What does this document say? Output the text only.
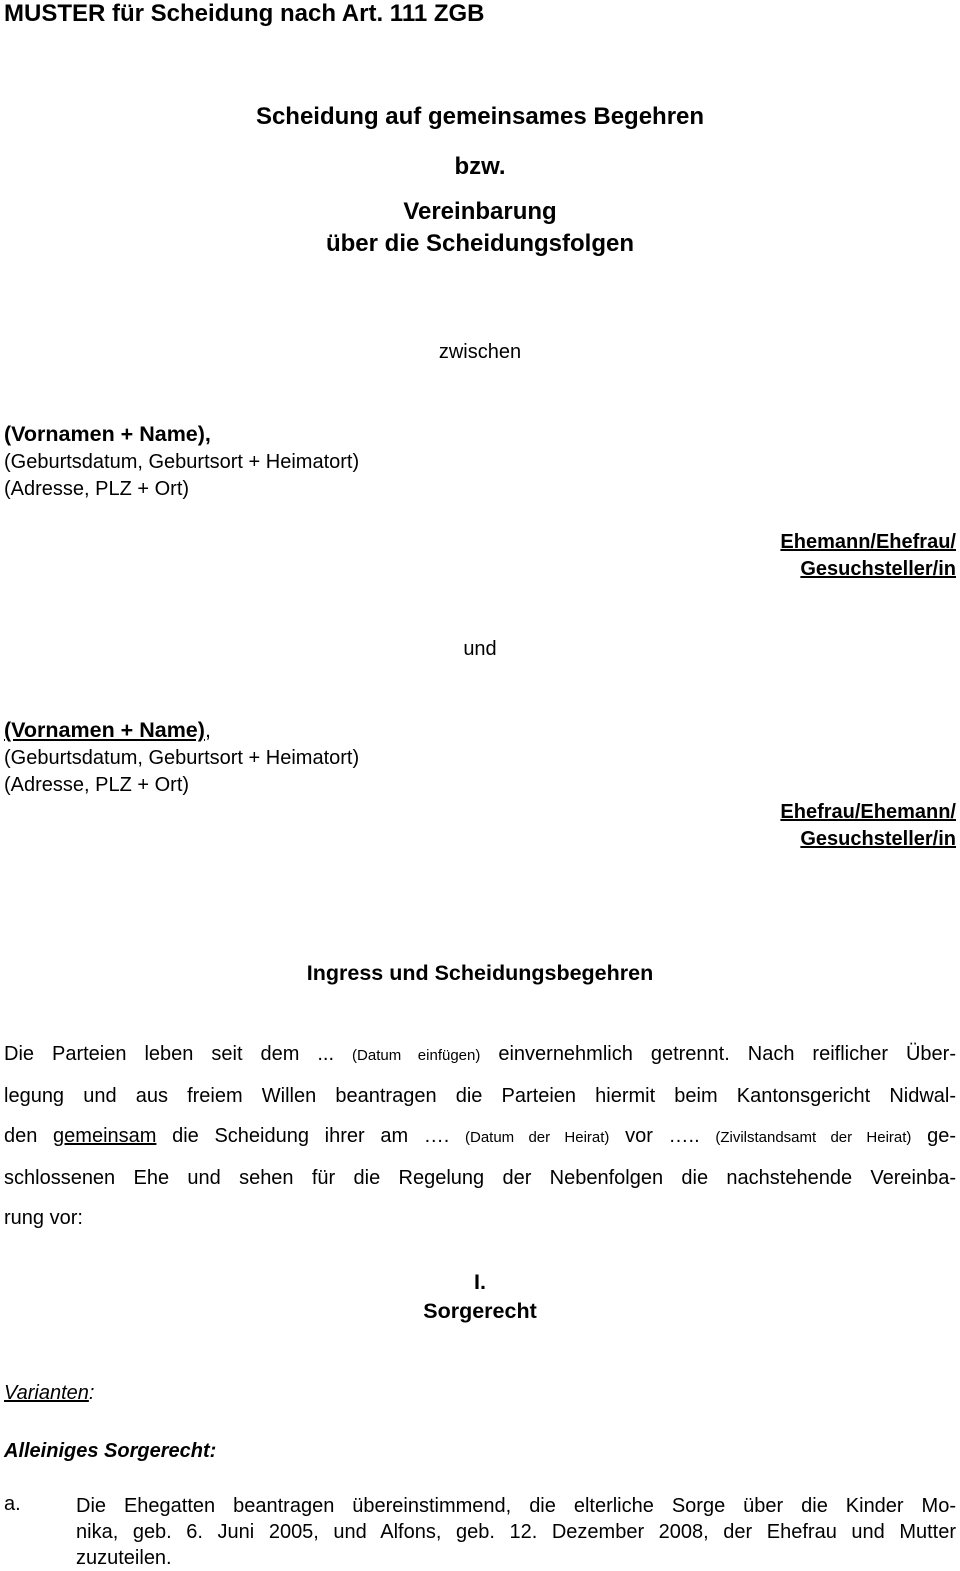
MUSTER für Scheidung nach Art. 111 ZGB
Scheidung auf gemeinsames Begehren
bzw.
Vereinbarung
über die Scheidungsfolgen
zwischen
(Vornamen + Name),
(Geburtsdatum, Geburtsort + Heimatort)
(Adresse, PLZ + Ort)
Ehemann/Ehefrau/
Gesuchsteller/in
und
(Vornamen + Name),
(Geburtsdatum, Geburtsort + Heimatort)
(Adresse, PLZ + Ort)
Ehefrau/Ehemann/
Gesuchsteller/in
Ingress und Scheidungsbegehren
Die Parteien leben seit dem ... (Datum einfügen) einvernehmlich getrennt. Nach reiflicher Über-
legung und aus freiem Willen beantragen die Parteien hiermit beim Kantonsgericht Nidwal-
den gemeinsam die Scheidung ihrer am …. (Datum der Heirat) vor ….. (Zivilstandsamt der Heirat) ge-
schlossenen Ehe und sehen für die Regelung der Nebenfolgen die nachstehende Vereinba-
rung vor:
I.
Sorgerecht
Varianten:
Alleiniges Sorgerecht:
a.	Die Ehegatten beantragen übereinstimmend, die elterliche Sorge über die Kinder Mo-
nika, geb. 6. Juni 2005, und Alfons, geb. 12. Dezember 2008, der Ehefrau und Mutter
zuzuteilen.
